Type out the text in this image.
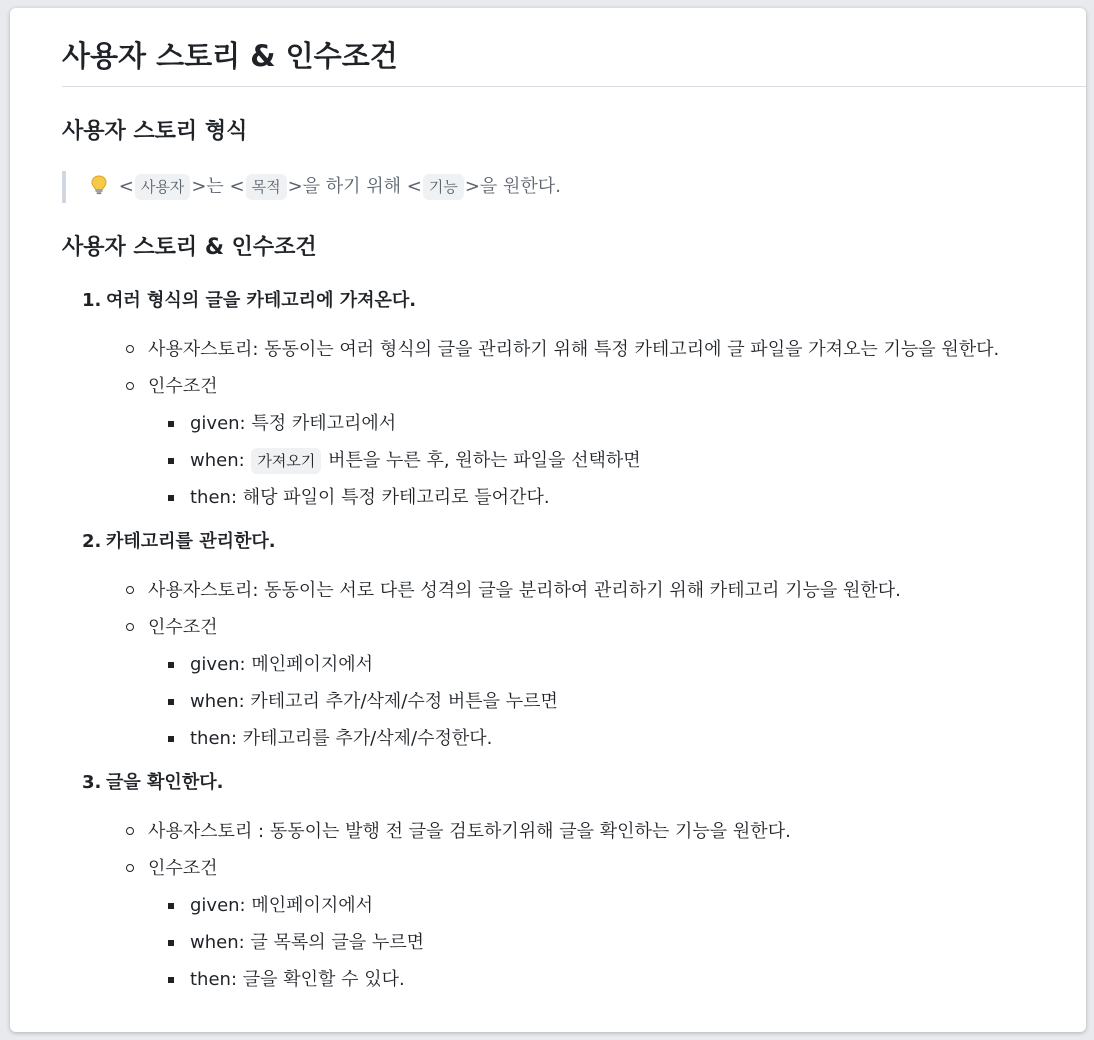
사용자 스토리 & 인수조건
사용자 스토리 형식
< 사용자 >는 < 목적 >을 하기 위해 < 기능 >을 원한다.
사용자 스토리 & 인수조건
1. 여러 형식의 글을 카테고리에 가져온다.
사용자스토리: 동동이는 여러 형식의 글을 관리하기 위해 특정 카테고리에 글 파일을 가져오는 기능을 원한다.
인수조건
given: 특정 카테고리에서
when: 가져오기 버튼을 누른 후, 원하는 파일을 선택하면
then: 해당 파일이 특정 카테고리로 들어간다.
2. 카테고리를 관리한다.
사용자스토리: 동동이는 서로 다른 성격의 글을 분리하여 관리하기 위해 카테고리 기능을 원한다.
인수조건
given: 메인페이지에서
when: 카테고리 추가/삭제/수정 버튼을 누르면
then: 카테고리를 추가/삭제/수정한다.
3. 글을 확인한다.
사용자스토리 : 동동이는 발행 전 글을 검토하기위해 글을 확인하는 기능을 원한다.
인수조건
given: 메인페이지에서
when: 글 목록의 글을 누르면
then: 글을 확인할 수 있다.
